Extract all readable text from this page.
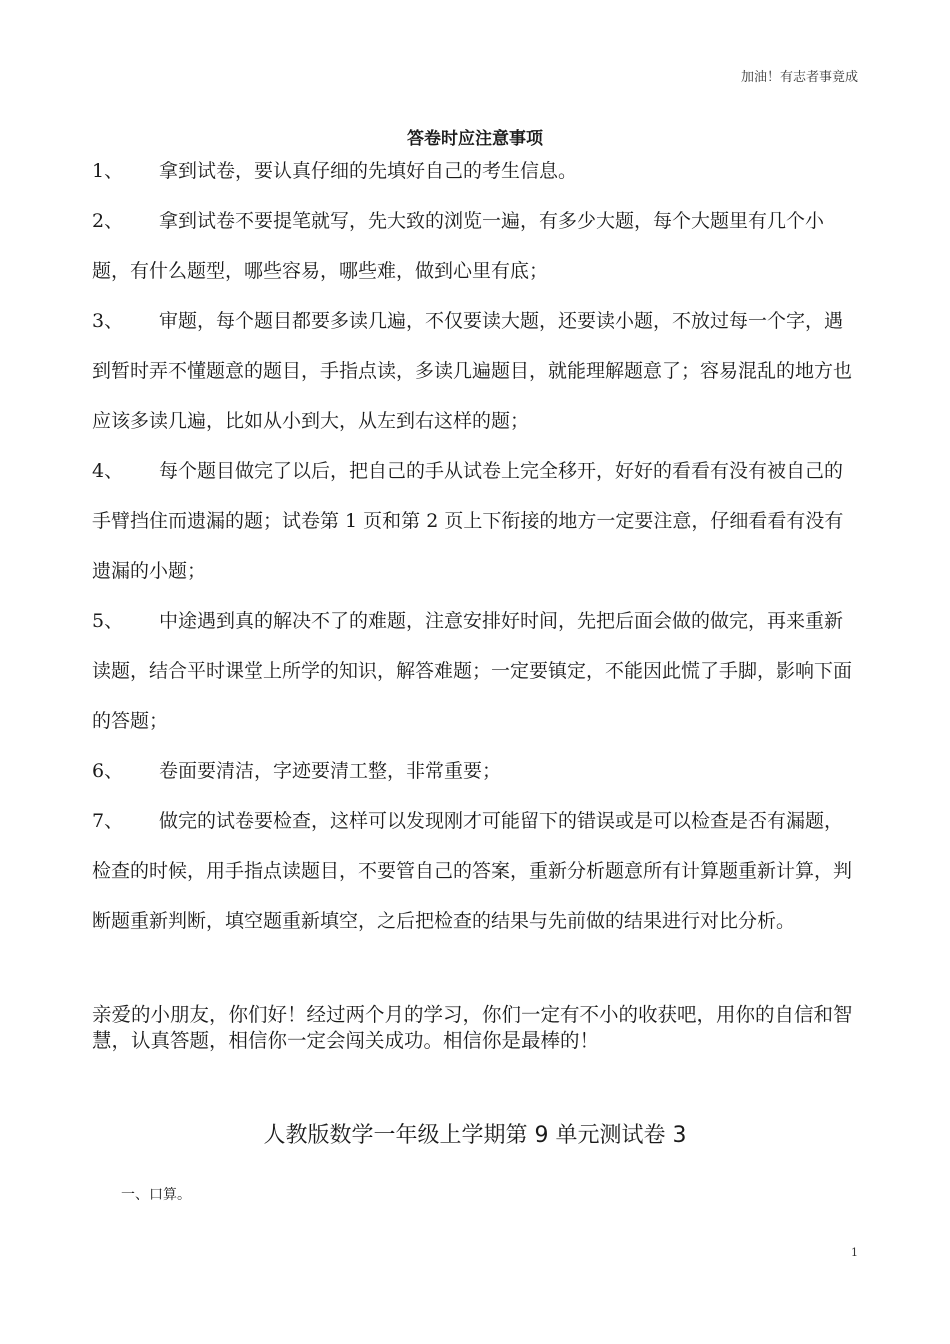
加油！有志者事竟成
答卷时应注意事项

1、 拿到试卷，要认真仔细的先填好自己的考生信息。

2、 拿到试卷不要提笔就写，先大致的浏览一遍，有多少大题，每个大题里有几个小题，有什么题型，哪些容易，哪些难，做到心里有底；

3、 审题，每个题目都要多读几遍，不仅要读大题，还要读小题，不放过每一个字，遇到暂时弄不懂题意的题目，手指点读，多读几遍题目，就能理解题意了；容易混乱的地方也应该多读几遍，比如从小到大，从左到右这样的题；

4、 每个题目做完了以后，把自己的手从试卷上完全移开，好好的看看有没有被自己的手臂挡住而遗漏的题；试卷第 1 页和第 2 页上下衔接的地方一定要注意，仔细看看有没有遗漏的小题；

5、 中途遇到真的解决不了的难题，注意安排好时间，先把后面会做的做完，再来重新读题，结合平时课堂上所学的知识，解答难题；一定要镇定，不能因此慌了手脚，影响下面的答题；

6、 卷面要清洁，字迹要清工整，非常重要；

7、 做完的试卷要检查，这样可以发现刚才可能留下的错误或是可以检查是否有漏题，检查的时候，用手指点读题目，不要管自己的答案，重新分析题意所有计算题重新计算，判断题重新判断，填空题重新填空，之后把检查的结果与先前做的结果进行对比分析。

亲爱的小朋友，你们好！经过两个月的学习，你们一定有不小的收获吧，用你的自信和智慧，认真答题，相信你一定会闯关成功。相信你是最棒的！

人教版数学一年级上学期第 9 单元测试卷 3
一、口算。
1
